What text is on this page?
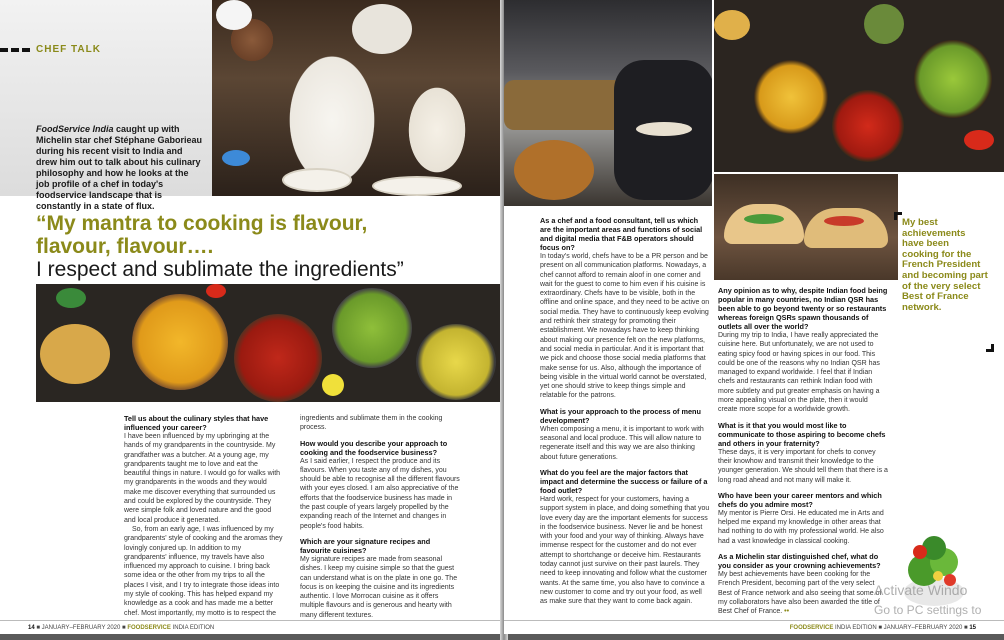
CHEF TALK
FoodService India caught up with Michelin star chef Stéphane Gaborieau during his recent visit to India and drew him out to talk about his culinary philosophy and how he looks at the job profile of a chef in today's foodservice landscape that is constantly in a state of flux.
“My mantra to cooking is flavour,
flavour, flavour….
I respect and sublimate the ingredients”
Tell us about the culinary styles that have influenced your career?

I have been influenced by my upbringing at the hands of my grandparents in the countryside. My grandfather was a butcher. At a young age, my grandparents taught me to love and eat the beautiful things in nature. I would go for walks with my grandparents in the woods and they would make me discover everything that surrounded us and could be explored by the countryside. They were simple folk and loved nature and the good and local produce it generated.

So, from an early age, I was influenced by my grandparents' style of cooking and the aromas they lovingly conjured up. In addition to my grandparents' influence, my travels have also influenced my approach to cuisine. I bring back some idea or the other from my trips to all the places I visit, and I try to integrate those ideas into my style of cooking. This has helped expand my knowledge as a cook and has made me a better chef. Most importantly, my motto is to respect the

ingredients and sublimate them in the cooking process.

How would you describe your approach to cooking and the foodservice business?

As I said earlier, I respect the produce and its flavours. When you taste any of my dishes, you should be able to recognise all the different flavours with your eyes closed. I am also appreciative of the efforts that the foodservice business has made in the past couple of years largely propelled by the expanding reach of the Internet and changes in people's food habits.

Which are your signature recipes and favourite cuisines?

My signature recipes are made from seasonal dishes. I keep my cuisine simple so that the guest can understand what is on the plate in one go. The focus is on keeping the cuisine and its ingredients authentic. I love Morrocan cuisine as it offers multiple flavours and is generous and hearty with many different textures.

14 ■ JANUARY–FEBRUARY 2020 ■ FOODSERVICE INDIA EDITION
As a chef and a food consultant, tell us which are the important areas and functions of social and digital media that F&B operators should focus on?

In today's world, chefs have to be a PR person and be present on all communication platforms. Nowadays, a chef cannot afford to remain aloof in one corner and wait for the guest to come to him even if his cuisine is extraordinary. Chefs have to be visible, both in the offline and online space, and they need to be active on social media. They have to continuously keep evolving and rethink their strategy for promoting their establishment. We nowadays have to keep thinking about making our presence felt on the new platforms, and social media in particular. And it is important that we pick and choose those social media platforms that make sense for us. Also, although the importance of being visible in the virtual world cannot be overstated, yet one should strive to keep things simple and relatable for the patrons.

What is your approach to the process of menu development?

When composing a menu, it is important to work with seasonal and local produce. This will allow nature to regenerate itself and this way we are also thinking about future generations.

What do you feel are the major factors that impact and determine the success or failure of a food outlet?

Hard work, respect for your customers, having a support system in place, and doing something that you love every day are the important elements for success in the foodservice business. Never lie and be honest with your food and your way of thinking. Always have immense respect for the customer and do not ever attempt to shortchange or deceive him. Restaurants today cannot just survive on their past laurels. They need to keep innovating and follow what the customer wants. At the same time, you also have to convince a new customer to come and try out your food, as well as make sure that they want to come back again.

Any opinion as to why, despite Indian food being popular in many countries, no Indian QSR has been able to go beyond twenty or so restaurants whereas foreign QSRs spawn thousands of outlets all over the world?

During my trip to India, I have really appreciated the cuisine here. But unfortunately, we are not used to eating spicy food or having spices in our food. This could be one of the reasons why no Indian QSR has managed to expand worldwide. I feel that if Indian chefs and restaurants can rethink Indian food with more subtlety and put greater emphasis on having a more appealing visual on the plate, then it would create more scope for a worldwide growth.

What is it that you would most like to communicate to those aspiring to become chefs and others in your fraternity?

These days, it is very important for chefs to convey their knowhow and transmit their knowledge to the younger generation. We should tell them that there is a long road ahead and not many will make it.

Who have been your career mentors and which chefs do you admire most?

My mentor is Pierre Orsi. He educated me in Arts and helped me expand my knowledge in other areas that had nothing to do with my professional world. He also had a vast knowledge in classical cooking.

As a Michelin star distinguished chef, what do you consider as your crowning achievements?

My best achievements have been cooking for the French President, becoming part of the very select Best of France network and also seeing that some of my collaborators have also been awarded the title of Best Chef of France. ••

My best achievements have been cooking for the French President and becoming part of the very select Best of France network.
Activate Windo
Go to PC settings to
FOODSERVICE INDIA EDITION ■ JANUARY–FEBRUARY 2020 ■ 15
